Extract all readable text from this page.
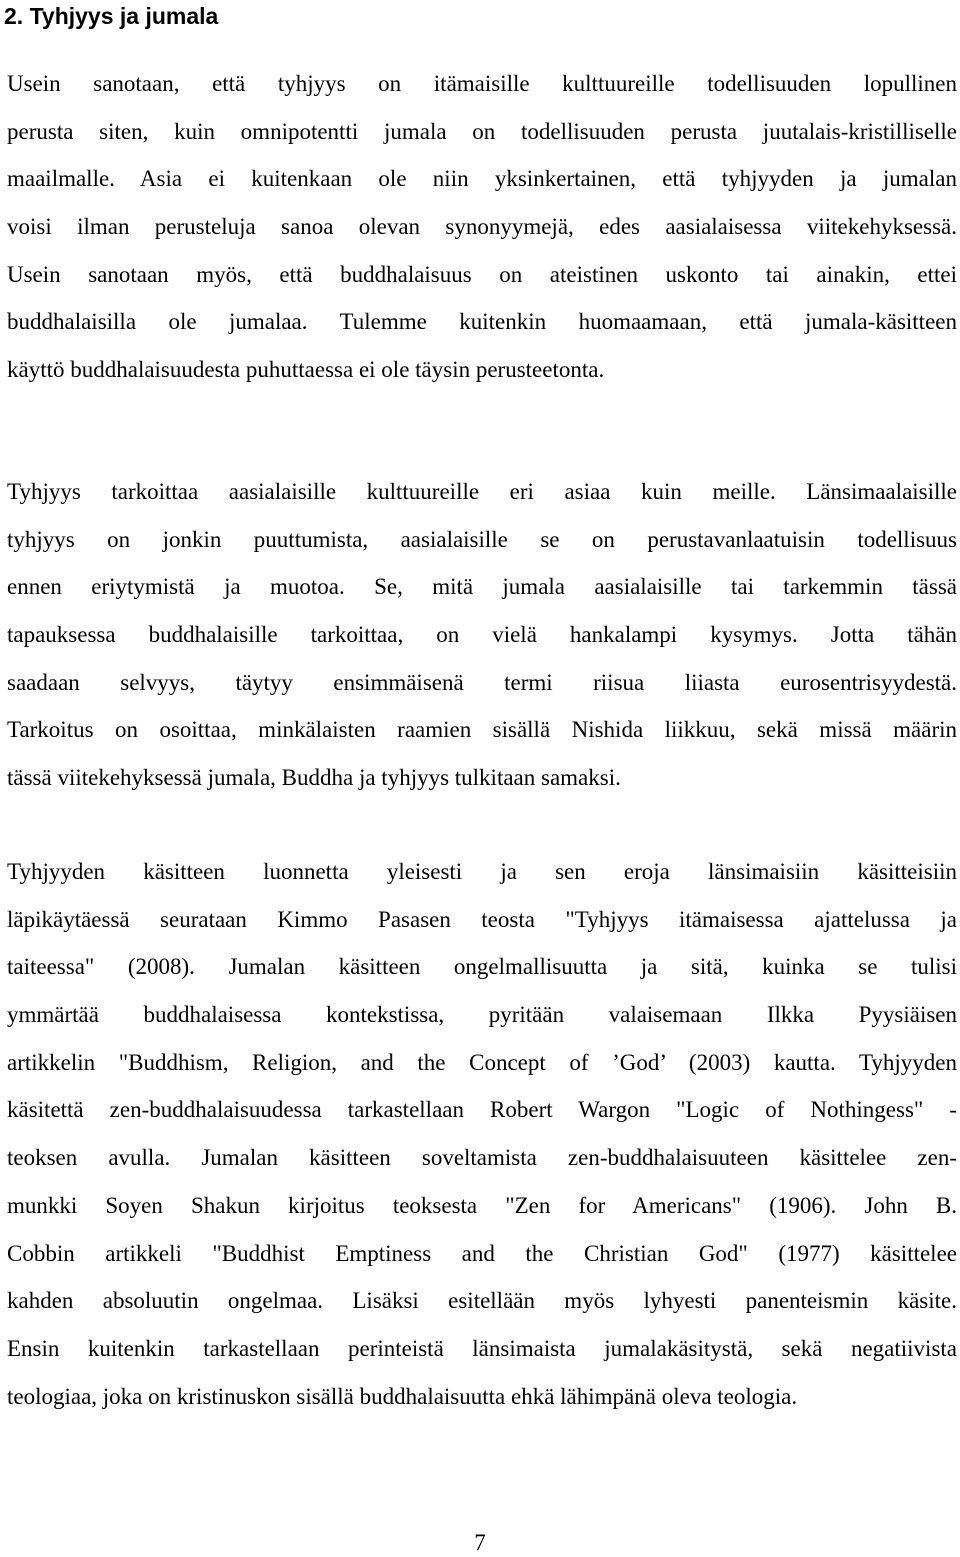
2. Tyhjyys ja jumala

Usein sanotaan, että tyhjyys on itämaisille kulttuureille todellisuuden lopullinen
perusta siten, kuin omnipotentti jumala on todellisuuden perusta juutalais-kristilliselle
maailmalle. Asia ei kuitenkaan ole niin yksinkertainen, että tyhjyyden ja jumalan
voisi ilman perusteluja sanoa olevan synonyymejä, edes aasialaisessa viitekehyksessä.
Usein sanotaan myös, että buddhalaisuus on ateistinen uskonto tai ainakin, ettei
buddhalaisilla ole jumalaa. Tulemme kuitenkin huomaamaan, että jumala-käsitteen
käyttö buddhalaisuudesta puhuttaessa ei ole täysin perusteetonta.

Tyhjyys tarkoittaa aasialaisille kulttuureille eri asiaa kuin meille. Länsimaalaisille
tyhjyys on jonkin puuttumista, aasialaisille se on perustavanlaatuisin todellisuus
ennen eriytymistä ja muotoa. Se, mitä jumala aasialaisille tai tarkemmin tässä
tapauksessa buddhalaisille tarkoittaa, on vielä hankalampi kysymys. Jotta tähän
saadaan selvyys, täytyy ensimmäisenä termi riisua liiasta eurosentrisyydestä.
Tarkoitus on osoittaa, minkälaisten raamien sisällä Nishida liikkuu, sekä missä määrin
tässä viitekehyksessä jumala, Buddha ja tyhjyys tulkitaan samaksi.

Tyhjyyden käsitteen luonnetta yleisesti ja sen eroja länsimaisiin käsitteisiin
läpikäytäessä seurataan Kimmo Pasasen teosta "Tyhjyys itämaisessa ajattelussa ja
taiteessa" (2008). Jumalan käsitteen ongelmallisuutta ja sitä, kuinka se tulisi
ymmärtää buddhalaisessa kontekstissa, pyritään valaisemaan Ilkka Pyysiäisen
artikkelin "Buddhism, Religion, and the Concept of ’God’ (2003) kautta. Tyhjyyden
käsitettä zen-buddhalaisuudessa tarkastellaan Robert Wargon "Logic of Nothingess" -
teoksen avulla. Jumalan käsitteen soveltamista zen-buddhalaisuuteen käsittelee zen-
munkki Soyen Shakun kirjoitus teoksesta "Zen for Americans" (1906). John B.
Cobbin artikkeli "Buddhist Emptiness and the Christian God" (1977) käsittelee
kahden absoluutin ongelmaa. Lisäksi esitellään myös lyhyesti panenteismin käsite.
Ensin kuitenkin tarkastellaan perinteistä länsimaista jumalakäsitystä, sekä negatiivista
teologiaa, joka on kristinuskon sisällä buddhalaisuutta ehkä lähimpänä oleva teologia.

7
